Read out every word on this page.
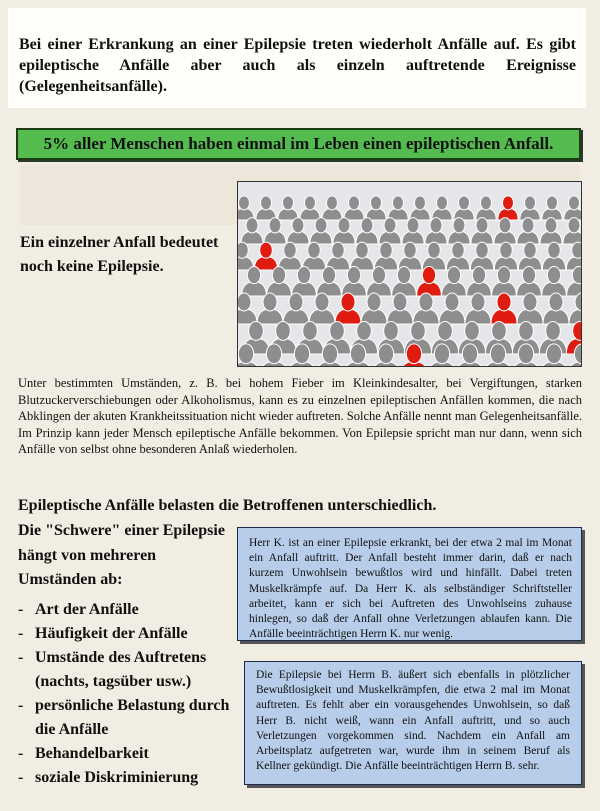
Bei einer Erkrankung an einer Epilepsie treten wiederholt Anfälle auf. Es gibt epileptische Anfälle aber auch als einzeln auftretende Ereignisse (Gelegenheitsanfälle).
5% aller Menschen haben einmal im Leben einen epileptischen Anfall.
Ein einzelner Anfall bedeutet noch keine Epilepsie.
Unter bestimmten Umständen, z. B. bei hohem Fieber im Kleinkindesalter, bei Vergiftungen, starken Blutzuckerverschiebungen oder Alkoholismus, kann es zu einzelnen epileptischen Anfällen kommen, die nach Abklingen der akuten Krankheitssituation nicht wieder auftreten. Solche Anfälle nennt man Gelegenheitsanfälle. Im Prinzip kann jeder Mensch epileptische Anfälle bekommen. Von Epilepsie spricht man nur dann, wenn sich Anfälle von selbst ohne besonderen Anlaß wiederholen.
Epileptische Anfälle belasten die Betroffenen unterschiedlich.
Die "Schwere" einer Epilepsie hängt von mehreren Umständen ab:
- Art der Anfälle
- Häufigkeit der Anfälle
- Umstände des Auftretens (nachts, tagsüber usw.)
- persönliche Belastung durch die Anfälle
- Behandelbarkeit
- soziale Diskriminierung
Herr K. ist an einer Epilepsie erkrankt, bei der etwa 2 mal im Monat ein Anfall auftritt. Der Anfall besteht immer darin, daß er nach kurzem Unwohlsein bewußtlos wird und hinfällt. Dabei treten Muskelkrämpfe auf. Da Herr K. als selbständiger Schriftsteller arbeitet, kann er sich bei Auftreten des Unwohlseins zuhause hinlegen, so daß der Anfall ohne Verletzungen ablaufen kann. Die Anfälle beeinträchtigen Herrn K. nur wenig.
Die Epilepsie bei Herrn B. äußert sich ebenfalls in plötzlicher Bewußtlosigkeit und Muskelkrämpfen, die etwa 2 mal im Monat auftreten. Es fehlt aber ein vorausgehendes Unwohlsein, so daß Herr B. nicht weiß, wann ein Anfall auftritt, und so auch Verletzungen vorgekommen sind. Nachdem ein Anfall am Arbeitsplatz aufgetreten war, wurde ihm in seinem Beruf als Kellner gekündigt. Die Anfälle beeinträchtigen Herrn B. sehr.
